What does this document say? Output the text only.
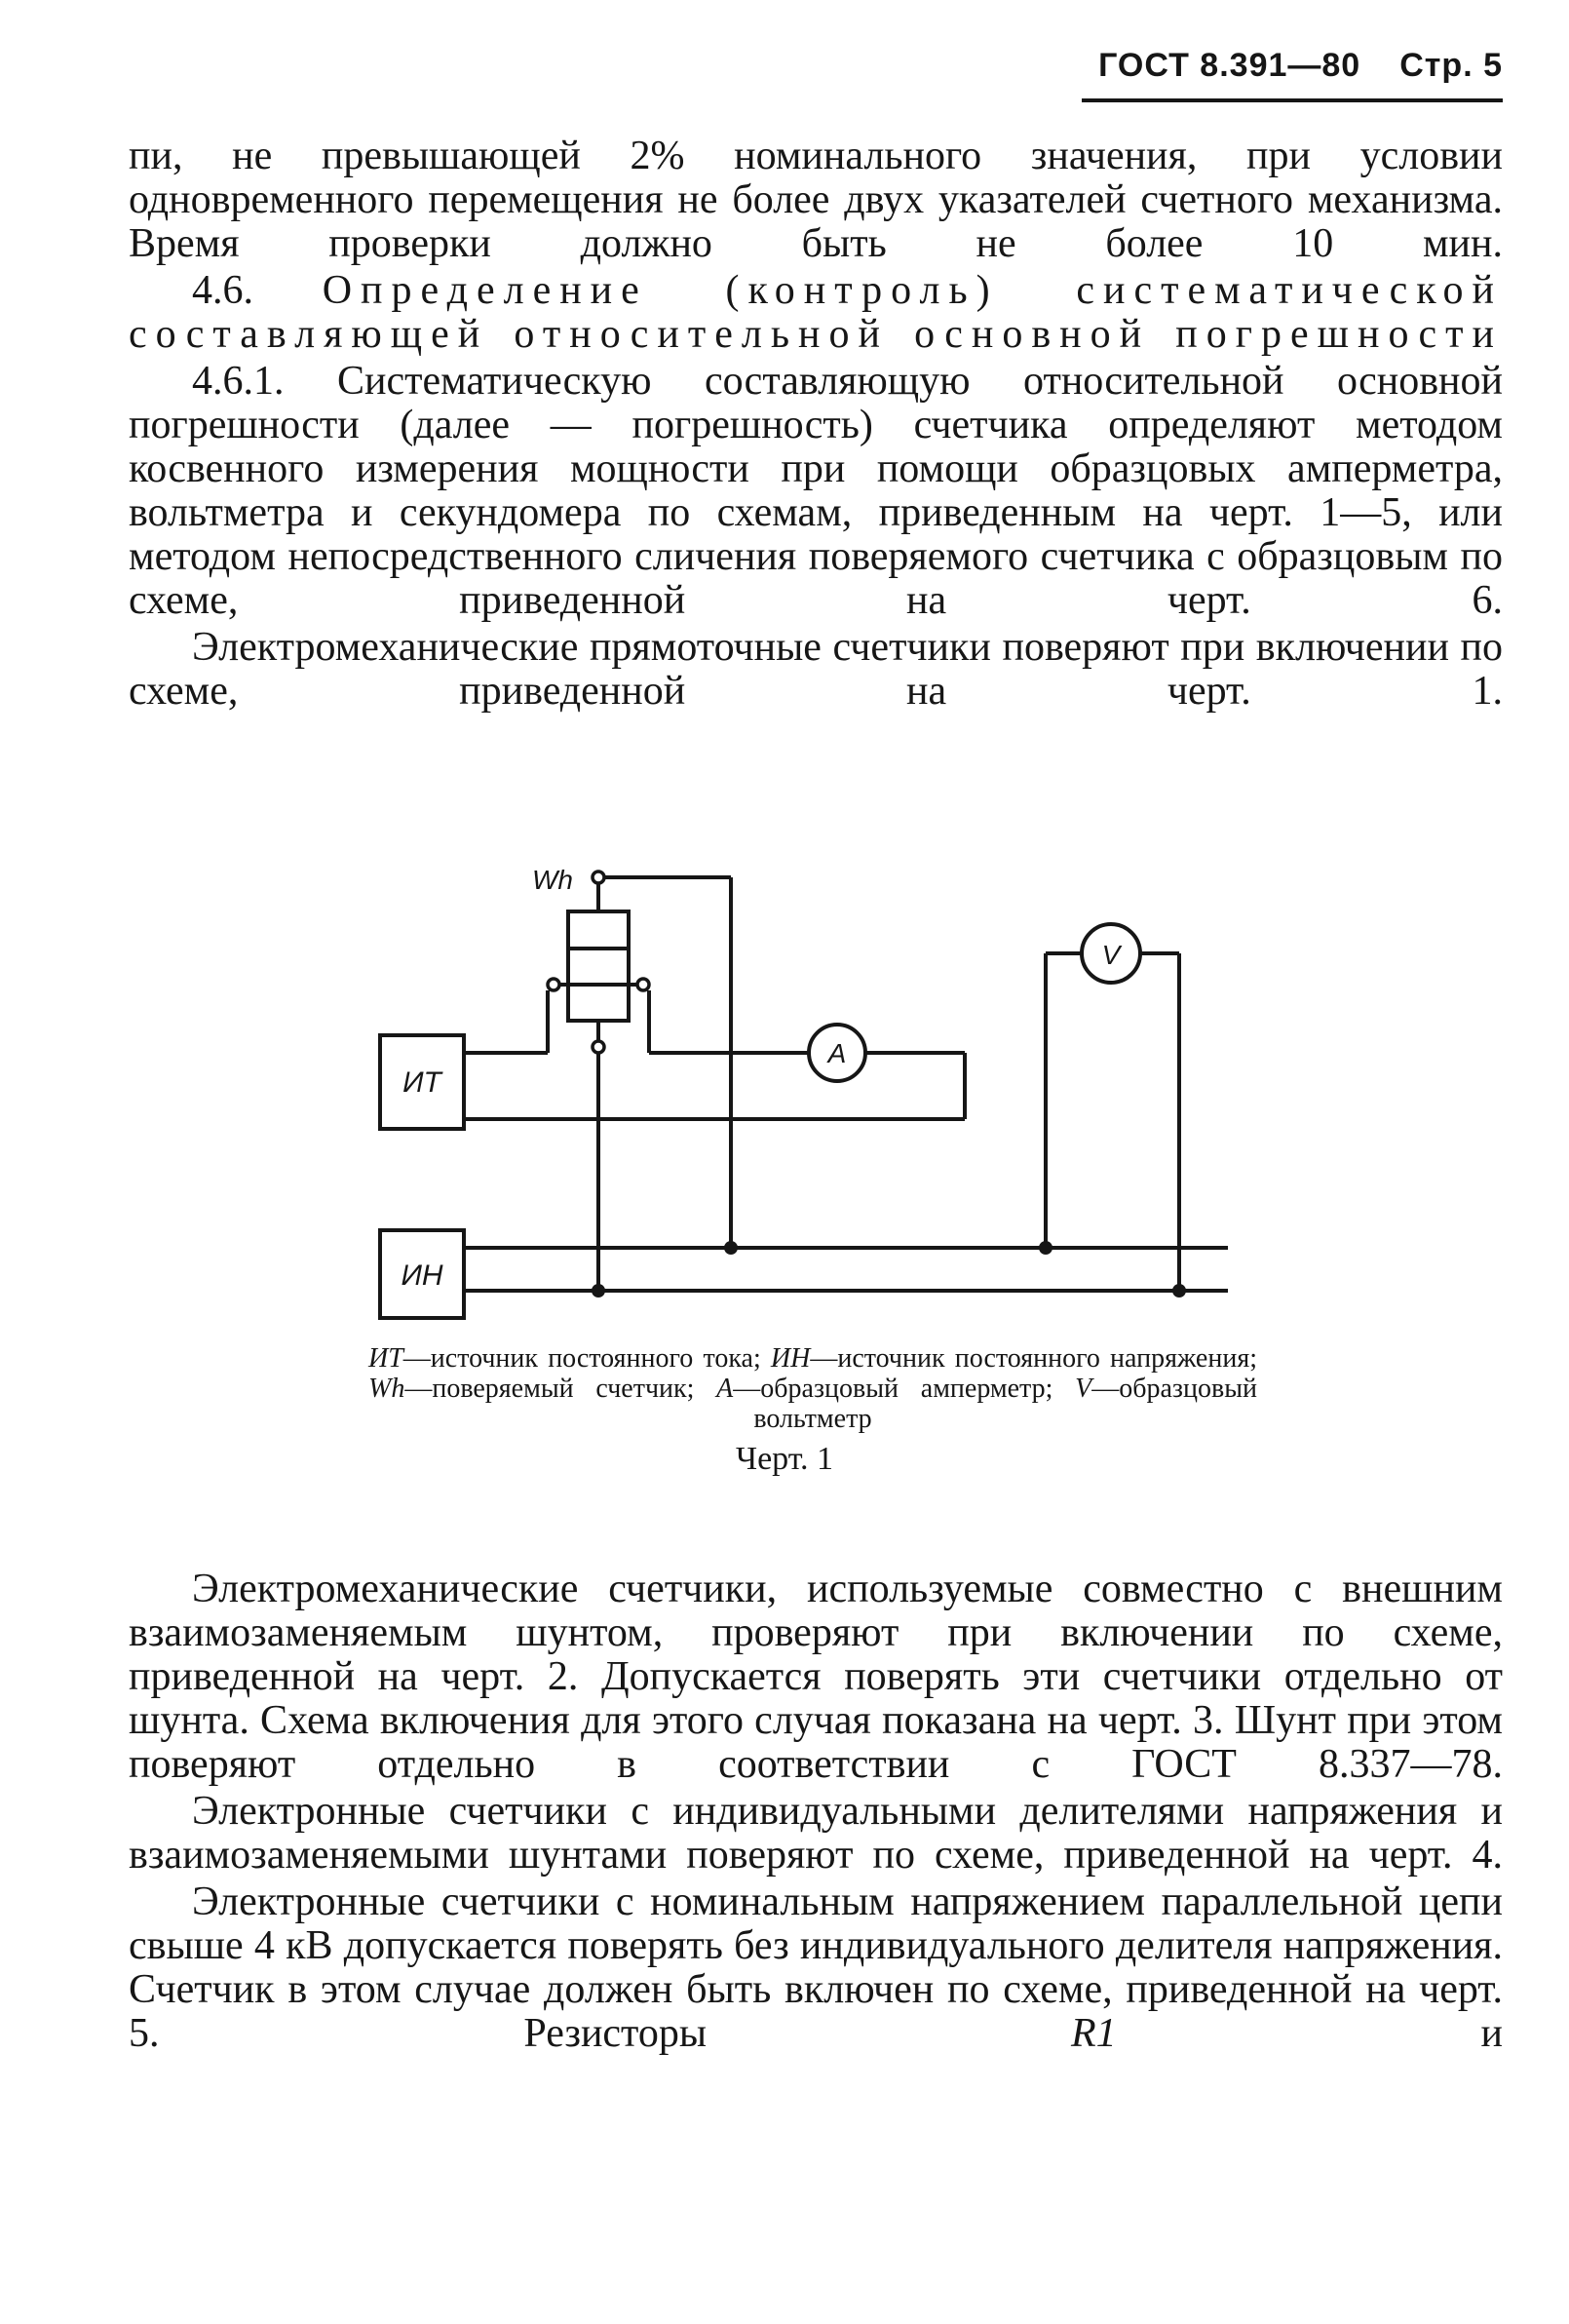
ГОСТ 8.391—80 Стр. 5

пи, не превышающей 2% номинального значения, при условии одновременного перемещения не более двух указателей счетного механизма. Время проверки должно быть не более 10 мин.

4.6. Определение (контроль) систематической составляющей относительной основной погрешности

4.6.1. Систематическую составляющую относительной основной погрешности (далее — погрешность) счетчика определяют методом косвенного измерения мощности при помощи образцовых амперметра, вольтметра и секундомера по схемам, приведенным на черт. 1—5, или методом непосредственного сличения поверяемого счетчика с образцовым по схеме, приведенной на черт. 6.

Электромеханические прямоточные счетчики поверяют при включении по схеме, приведенной на черт. 1.

Wh
A
V
ИТ
ИН
ИТ—источник постоянного тока; ИН—источник постоянного напряжения; Wh—поверяемый счетчик; A—образцовый амперметр; V—образцовый вольтметр
Черт. 1

Электромеханические счетчики, используемые совместно с внешним взаимозаменяемым шунтом, проверяют при включении по схеме, приведенной на черт. 2. Допускается поверять эти счетчики отдельно от шунта. Схема включения для этого случая показана на черт. 3. Шунт при этом поверяют отдельно в соответствии с ГОСТ 8.337—78.

Электронные счетчики с индивидуальными делителями напряжения и взаимозаменяемыми шунтами поверяют по схеме, приведенной на черт. 4.

Электронные счетчики с номинальным напряжением параллельной цепи свыше 4 кВ допускается поверять без индивидуального делителя напряжения. Счетчик в этом случае должен быть включен по схеме, приведенной на черт. 5. Резисторы R1 и
